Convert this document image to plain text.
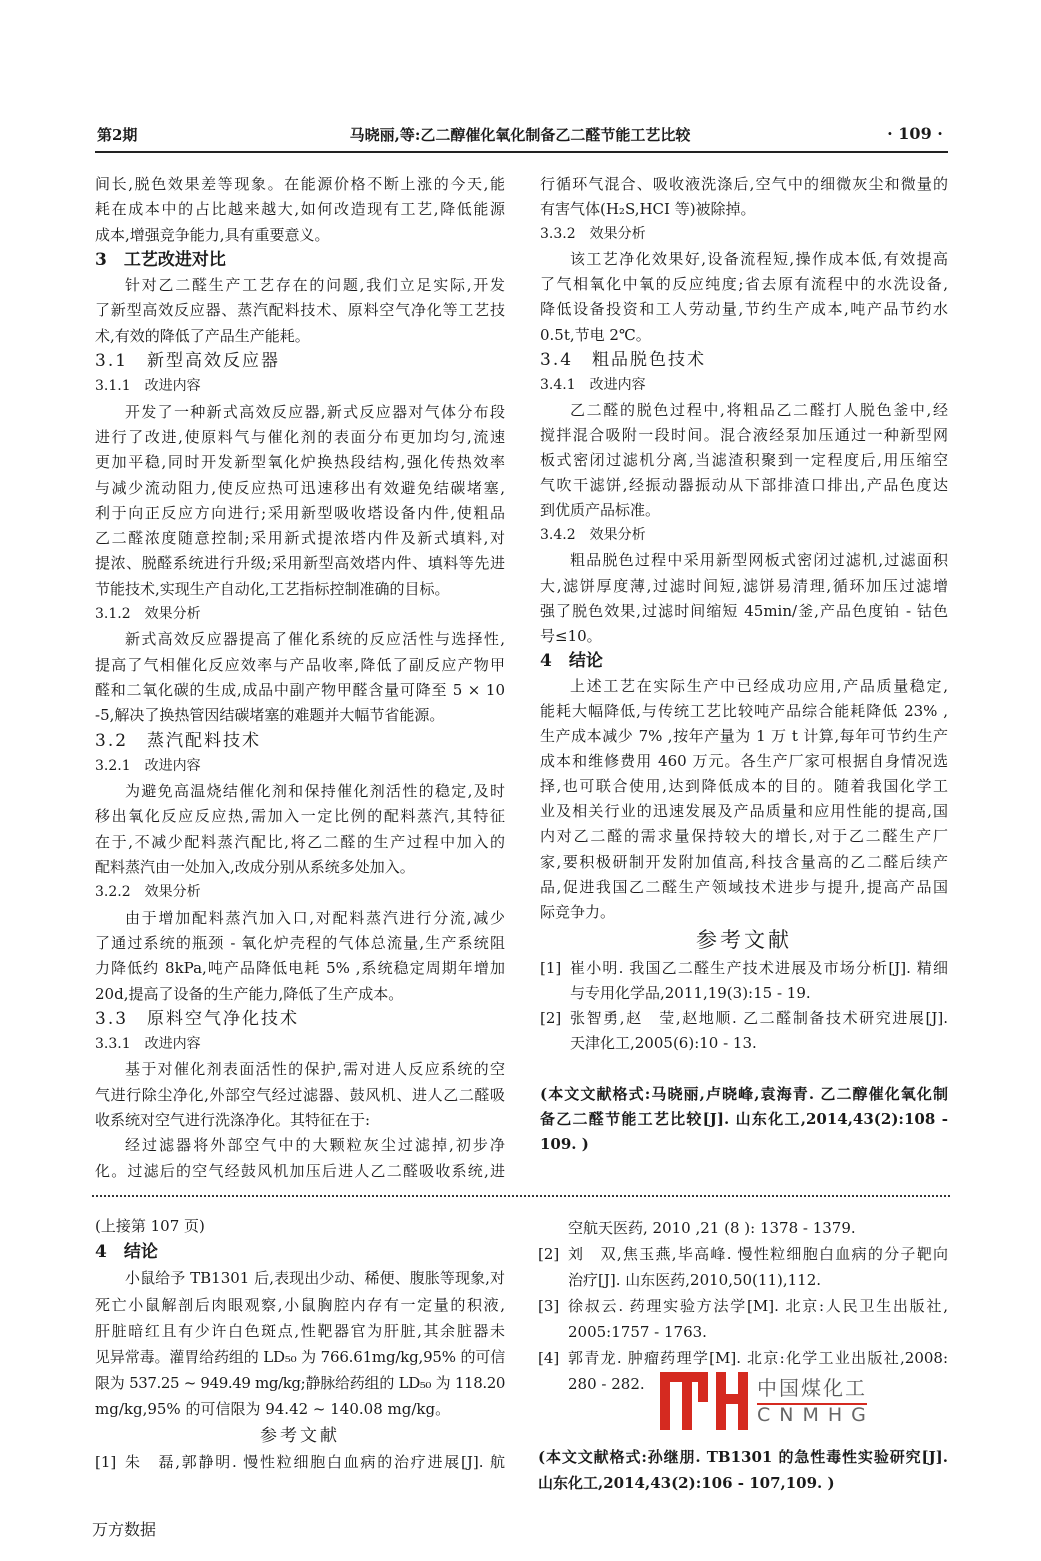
第2期	马晓丽,等:乙二醇催化氧化制备乙二醛节能工艺比较	· 109 ·
间长,脱色效果差等现象。在能源价格不断上涨的今天,能
耗在成本中的占比越来越大,如何改造现有工艺,降低能源
成本,增强竞争能力,具有重要意义。
3　工艺改进对比
针对乙二醛生产工艺存在的问题,我们立足实际,开发
了新型高效反应器、蒸汽配料技术、原料空气净化等工艺技
术,有效的降低了产品生产能耗。
3.1　新型高效反应器
3.1.1　改进内容
开发了一种新式高效反应器,新式反应器对气体分布段
进行了改进,使原料气与催化剂的表面分布更加均匀,流速
更加平稳,同时开发新型氧化炉换热段结构,强化传热效率
与减少流动阻力,使反应热可迅速移出有效避免结碳堵塞,
利于向正反应方向进行;采用新型吸收塔设备内件,使粗品
乙二醛浓度随意控制;采用新式提浓塔内件及新式填料,对
提浓、脱醛系统进行升级;采用新型高效塔内件、填料等先进
节能技术,实现生产自动化,工艺指标控制准确的目标。
3.1.2　效果分析
新式高效反应器提高了催化系统的反应活性与选择性,
提高了气相催化反应效率与产品收率,降低了副反应产物甲
醛和二氧化碳的生成,成品中副产物甲醛含量可降至 5 × 10
-5,解决了换热管因结碳堵塞的难题并大幅节省能源。
3.2　蒸汽配料技术
3.2.1　改进内容
为避免高温烧结催化剂和保持催化剂活性的稳定,及时
移出氧化反应反应热,需加入一定比例的配料蒸汽,其特征
在于,不减少配料蒸汽配比,将乙二醛的生产过程中加入的
配料蒸汽由一处加入,改成分别从系统多处加入。
3.2.2　效果分析
由于增加配料蒸汽加入口,对配料蒸汽进行分流,减少
了通过系统的瓶颈 - 氧化炉壳程的气体总流量,生产系统阻
力降低约 8kPa,吨产品降低电耗 5% ,系统稳定周期年增加
20d,提高了设备的生产能力,降低了生产成本。
3.3　原料空气净化技术
3.3.1　改进内容
基于对催化剂表面活性的保护,需对进人反应系统的空
气进行除尘净化,外部空气经过滤器、鼓风机、进人乙二醛吸
收系统对空气进行洗涤净化。其特征在于:
经过滤器将外部空气中的大颗粒灰尘过滤掉,初步净
化。过滤后的空气经鼓风机加压后进人乙二醛吸收系统,进
行循环气混合、吸收液洗涤后,空气中的细微灰尘和微量的
有害气体(H₂S,HCI 等)被除掉。
3.3.2　效果分析
该工艺净化效果好,设备流程短,操作成本低,有效提高
了气相氧化中氧的反应纯度;省去原有流程中的水洗设备,
降低设备投资和工人劳动量,节约生产成本,吨产品节约水
0.5t,节电 2℃。
3.4　粗品脱色技术
3.4.1　改进内容
乙二醛的脱色过程中,将粗品乙二醛打人脱色釜中,经
搅拌混合吸附一段时间。混合液经泵加压通过一种新型网
板式密闭过滤机分离,当滤渣积聚到一定程度后,用压缩空
气吹干滤饼,经振动器振动从下部排渣口排出,产品色度达
到优质产品标准。
3.4.2　效果分析
粗品脱色过程中采用新型网板式密闭过滤机,过滤面积
大,滤饼厚度薄,过滤时间短,滤饼易清理,循环加压过滤增
强了脱色效果,过滤时间缩短 45min/釜,产品色度铂 - 钴色
号≤10。
4　结论
上述工艺在实际生产中已经成功应用,产品质量稳定,
能耗大幅降低,与传统工艺比较吨产品综合能耗降低 23% ,
生产成本减少 7% ,按年产量为 1 万 t 计算,每年可节约生产
成本和维修费用 460 万元。各生产厂家可根据自身情况选
择,也可联合使用,达到降低成本的目的。随着我国化学工
业及相关行业的迅速发展及产品质量和应用性能的提高,国
内对乙二醛的需求量保持较大的增长,对于乙二醛生产厂
家,要积极研制开发附加值高,科技含量高的乙二醛后续产
品,促进我国乙二醛生产领域技术进步与提升,提高产品国
际竞争力。
参考文献
[1] 崔小明. 我国乙二醛生产技术进展及市场分析[J]. 精细
与专用化学品,2011,19(3):15 - 19.
[2] 张智勇,赵　莹,赵地顺. 乙二醛制备技术研究进展[J].
天津化工,2005(6):10 - 13.
(本文文献格式:马晓丽,卢晓峰,袁海青. 乙二醇催化氧化制
备乙二醛节能工艺比较[J]. 山东化工,2014,43(2):108 -
109. )
(上接第 107 页)
4　结论
小鼠给予 TB1301 后,表现出少动、稀便、腹胀等现象,对
死亡小鼠解剖后肉眼观察,小鼠胸腔内存有一定量的积液,
肝脏暗红且有少许白色斑点,性靶器官为肝脏,其余脏器未
见异常毒。灌胃给药组的 LD₅₀ 为 766.61mg/kg,95% 的可信
限为 537.25 ~ 949.49 mg/kg;静脉给药组的 LD₅₀ 为 118.20
mg/kg,95% 的可信限为 94.42 ~ 140.08 mg/kg。
参考文献
[1] 朱　磊,郭静明. 慢性粒细胞白血病的治疗进展[J]. 航
空航天医药, 2010 ,21 (8 ): 1378 - 1379.
[2] 刘　双,焦玉燕,毕高峰. 慢性粒细胞白血病的分子靶向
治疗[J]. 山东医药,2010,50(11),112.
[3] 徐叔云. 药理实验方法学[M]. 北京:人民卫生出版社,
2005:1757 - 1763.
[4] 郭青龙. 肿瘤药理学[M]. 北京:化学工业出版社,2008:
280 - 282.
(本文文献格式:孙继朋. TB1301 的急性毒性实验研究[J].
山东化工,2014,43(2):106 - 107,109. )
中国煤化工
CNMHG
万方数据
